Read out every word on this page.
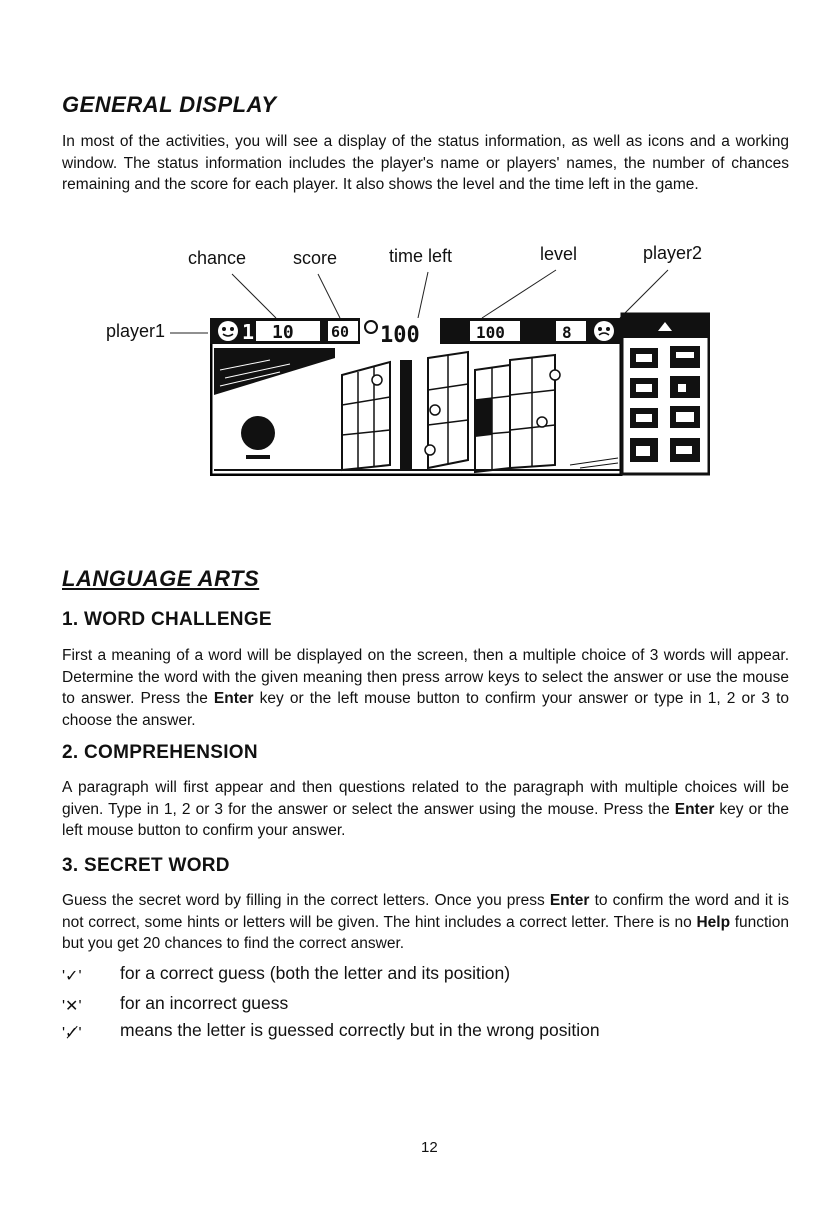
GENERAL DISPLAY

In most of the activities, you will see a display of the status information, as well as icons and a working window. The status information includes the player's name or players' names, the number of chances remaining and the score for each player. It also shows the level and the time left in the game.

chance	score	time left	level	player2
player1	1 10 60 100	100	8
LANGUAGE ARTS
1. WORD CHALLENGE

First a meaning of a word will be displayed on the screen, then a multiple choice of 3 words will appear. Determine the word with the given meaning then press arrow keys to select the answer or use the mouse to answer. Press the Enter key or the left mouse button to confirm your answer or type in 1, 2 or 3 to choose the answer.

2. COMPREHENSION

A paragraph will first appear and then questions related to the paragraph with multiple choices will be given. Type in 1, 2 or 3 for the answer or select the answer using the mouse. Press the Enter key or the left mouse button to confirm your answer.

3. SECRET WORD

Guess the secret word by filling in the correct letters. Once you press Enter to confirm the word and it is not correct, some hints or letters will be given. The hint includes a correct letter. There is no Help function but you get 20 chances to find the correct answer.

'✓' for a correct guess (both the letter and its position)
'✕' for an incorrect guess
'✓̸' means the letter is guessed correctly but in the wrong position
12
